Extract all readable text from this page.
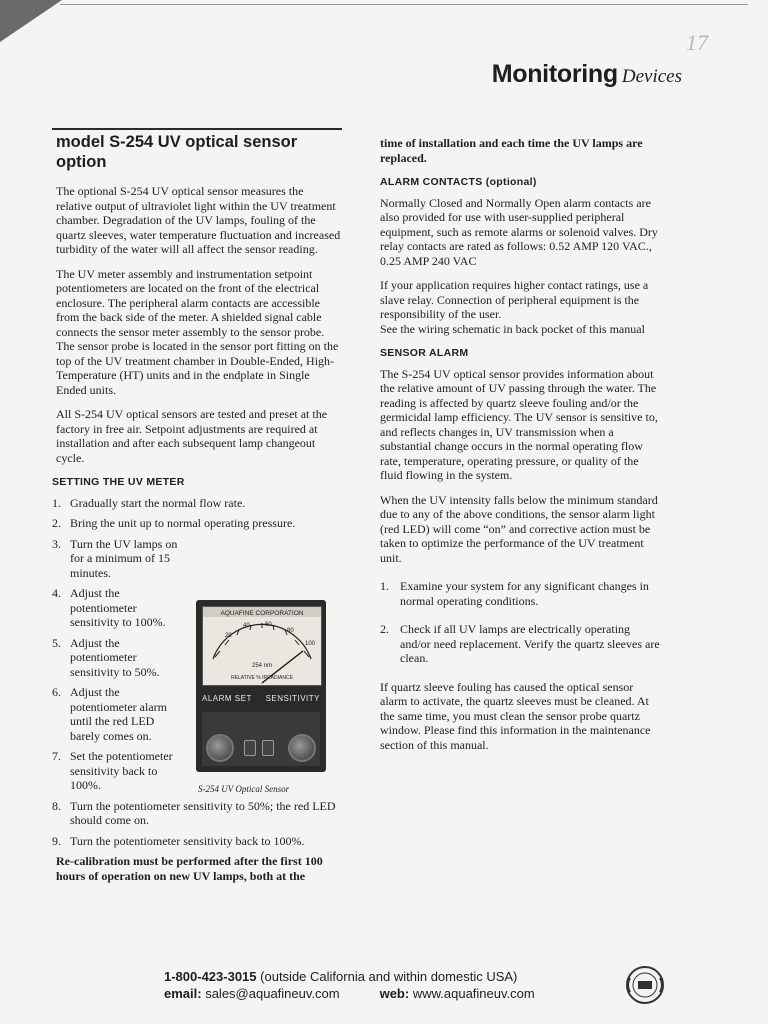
17
Monitoring Devices
model S-254 UV optical sensor option

The optional S-254 UV optical sensor measures the relative output of ultraviolet light within the UV treatment chamber. Degradation of the UV lamps, fouling of the quartz sleeves, water temperature fluctuation and increased turbidity of the water will all affect the sensor reading.

The UV meter assembly and instrumentation setpoint potentiometers are located on the front of the electrical enclosure. The peripheral alarm contacts are accessible from the back side of the meter. A shielded signal cable connects the sensor meter assembly to the sensor probe. The sensor probe is located in the sensor port fitting on the top of the UV treatment chamber in Double-Ended, High-Temperature (HT) units and in the endplate in Single Ended units.

All S-254 UV optical sensors are tested and preset at the factory in free air. Setpoint adjustments are required at installation and after each subsequent lamp changeout cycle.

SETTING THE UV METER
1. Gradually start the normal flow rate.
2. Bring the unit up to normal operating pressure.
3. Turn the UV lamps on for a minimum of 15 minutes.
4. Adjust the potentiometer sensitivity to 100%.
5. Adjust the potentiometer sensitivity to 50%.
6. Adjust the potentiometer alarm until the red LED barely comes on.
7. Set the potentiometer sensitivity back to 100%.
8. Turn the potentiometer sensitivity to 50%; the red LED should come on.
9. Turn the potentiometer sensitivity back to 100%.

Re-calibration must be performed after the first 100 hours of operation on new UV lamps, both at the

AQUAFINE CORPORATION
20
40	60
80
100
254 nm
RELATIVE % IRRADIANCE
ALARM SET SENSITIVITY
S-254 UV Optical Sensor

time of installation and each time the UV lamps are replaced.

ALARM CONTACTS (optional)

Normally Closed and Normally Open alarm contacts are also provided for use with user-supplied peripheral equipment, such as remote alarms or solenoid valves. Dry relay contacts are rated as follows: 0.52 AMP 120 VAC., 0.25 AMP 240 VAC

If your application requires higher contact ratings, use a slave relay. Connection of peripheral equipment is the responsibility of the user.

See the wiring schematic in back pocket of this manual

SENSOR ALARM

The S-254 UV optical sensor provides information about the relative amount of UV passing through the water. The reading is affected by quartz sleeve fouling and/or the germicidal lamp efficiency. The UV sensor is sensitive to, and reflects changes in, UV transmission when a substantial change occurs in the normal operating flow rate, temperature, operating pressure, or quality of the fluid flowing in the system.

When the UV intensity falls below the minimum standard due to any of the above conditions, the sensor alarm light (red LED) will come “on” and corrective action must be taken to optimize the performance of the UV treatment unit.

1. Examine your system for any significant changes in normal operating conditions.
2. Check if all UV lamps are electrically operating and/or need replacement. Verify the quartz sleeves are clean.

If quartz sleeve fouling has caused the optical sensor alarm to activate, the quartz sleeves must be cleaned. At the same time, you must clean the sensor probe quartz window. Please find this information in the maintenance section of this manual.

1-800-423-3015 (outside California and within domestic USA)
email: sales@aquafineuv.com	web: www.aquafineuv.com
